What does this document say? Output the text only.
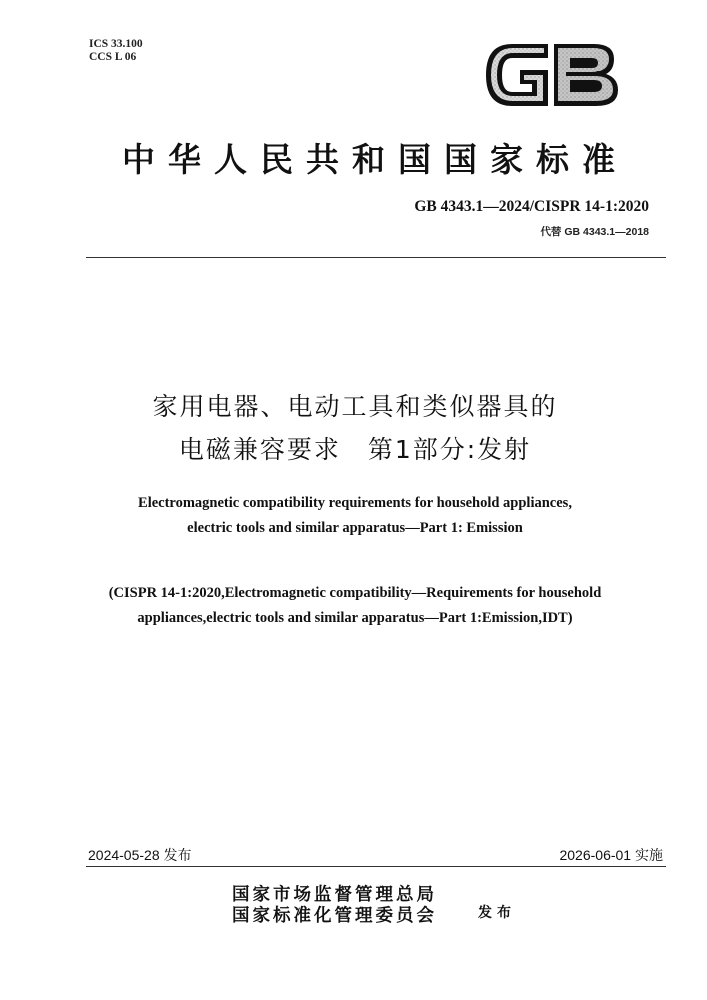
ICS 33.100
CCS L 06
中华人民共和国国家标准
GB 4343.1—2024/CISPR 14-1:2020
代替 GB 4343.1—2018
家用电器、电动工具和类似器具的
电磁兼容要求　第1部分:发射
Electromagnetic compatibility requirements for household appliances,
electric tools and similar apparatus—Part 1: Emission
(CISPR 14-1:2020,Electromagnetic compatibility—Requirements for household
appliances,electric tools and similar apparatus—Part 1:Emission,IDT)
2024-05-28 发布	2026-06-01 实施
国家市场监督管理总局
国家标准化管理委员会	发布
